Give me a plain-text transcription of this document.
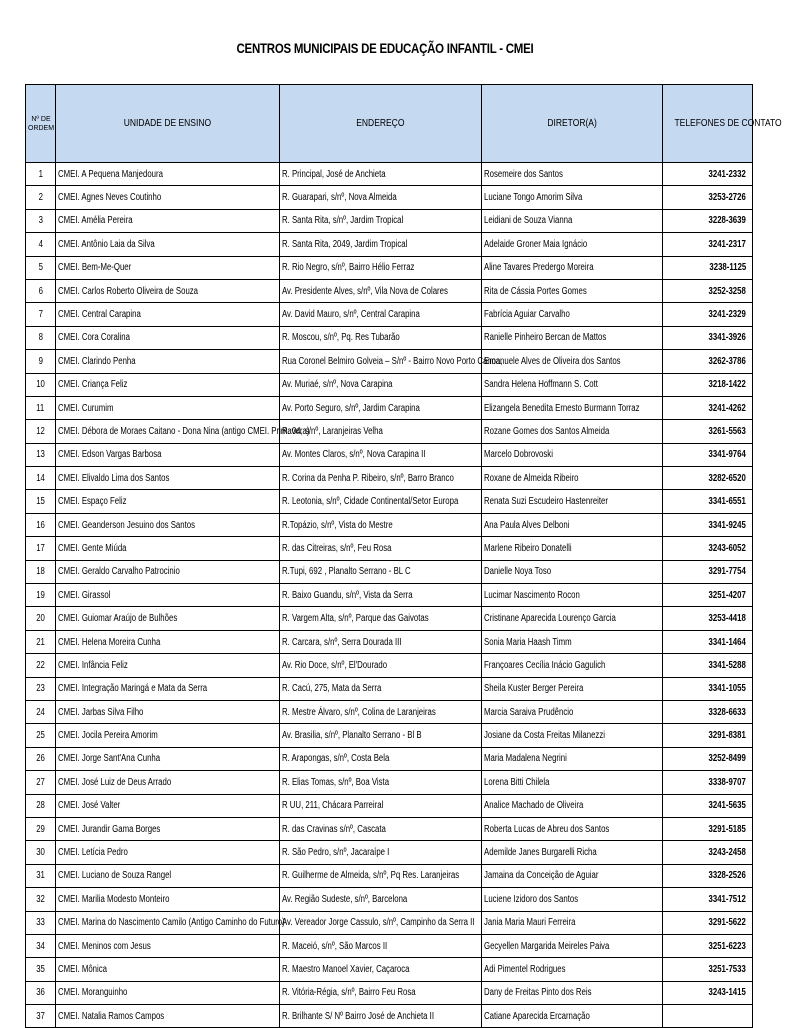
CENTROS MUNICIPAIS DE EDUCAÇÃO INFANTIL - CMEI
Nº DE ORDEM	UNIDADE DE ENSINO	ENDEREÇO	DIRETOR(A)	TELEFONES DE CONTATO
1	CMEI. A Pequena Manjedoura	R. Principal, José de Anchieta	Rosemeire dos Santos	3241-2332
2	CMEI. Agnes Neves Coutinho	R. Guarapari, s/nº, Nova Almeida	Luciane Tongo Amorim Silva	3253-2726
3	CMEI. Amélia Pereira	R. Santa Rita, s/nº, Jardim Tropical	Leidiani de Souza Vianna	3228-3639
4	CMEI. Antônio Laia da Silva	R. Santa Rita, 2049, Jardim Tropical	Adelaide Groner Maia Ignácio	3241-2317
5	CMEI. Bem-Me-Quer	R. Rio Negro, s/nº, Bairro Hélio Ferraz	Aline Tavares Predergo Moreira	3238-1125
6	CMEI. Carlos Roberto Oliveira de Souza	Av. Presidente Alves, s/nº, Vila Nova de Colares	Rita de Cássia Portes Gomes	3252-3258
7	CMEI. Central Carapina	Av. David Mauro, s/nº, Central Carapina	Fabrícia Aguiar Carvalho	3241-2329
8	CMEI. Cora Coralina	R. Moscou, s/nº, Pq. Res Tubarão	Ranielle Pinheiro Bercan de Mattos	3341-3926
9	CMEI. Clarindo Penha	Rua Coronel Belmiro Golveia – S/nº - Bairro Novo Porto Canoa,	Emanuele Alves de Oliveira dos Santos	3262-3786
10	CMEI. Criança Feliz	Av. Muriaé, s/nº, Nova Carapina	Sandra Helena Hoffmann S. Cott	3218-1422
11	CMEI. Curumim	Av. Porto Seguro, s/nº, Jardim Carapina	Elizangela Benedita Ernesto Burmann Torraz	3241-4262
12	CMEI. Débora de Moraes Caitano - Dona Nina (antigo CMEI. Primavera)	R. 04, s/nº, Laranjeiras Velha	Rozane Gomes dos Santos Almeida	3261-5563
13	CMEI. Edson Vargas Barbosa	Av. Montes Claros, s/nº, Nova Carapina II	Marcelo Dobrovoski	3341-9764
14	CMEI. Elivaldo Lima dos Santos	R. Corina da Penha P. Ribeiro, s/nº, Barro Branco	Roxane de Almeida Ribeiro	3282-6520
15	CMEI. Espaço Feliz	R. Leotonia, s/nº, Cidade Continental/Setor Europa	Renata Suzi Escudeiro Hastenreiter	3341-6551
16	CMEI. Geanderson Jesuino dos Santos	R.Topázio, s/nº, Vista do Mestre	Ana Paula Alves Delboni	3341-9245
17	CMEI. Gente Miúda	R. das Citreiras, s/nº, Feu Rosa	Marlene Ribeiro Donatelli	3243-6052
18	CMEI. Geraldo Carvalho Patrocinio	R.Tupi, 692 , Planalto Serrano - BL C	Danielle Noya Toso	3291-7754
19	CMEI. Girassol	R. Baixo Guandu, s/nº, Vista da Serra	Lucimar Nascimento Rocon	3251-4207
20	CMEI. Guiomar Araújo de Bulhões	R. Vargem Alta, s/nº, Parque das Gaivotas	Cristinane Aparecida Lourenço Garcia	3253-4418
21	CMEI. Helena Moreira Cunha	R. Carcara, s/nº, Serra Dourada III	Sonia Maria Haash Timm	3341-1464
22	CMEI. Infância Feliz	Av. Rio Doce, s/nº, El'Dourado	Françoares Cecília Inácio Gagulich	3341-5288
23	CMEI. Integração Maringá e Mata da Serra	R. Cacú, 275, Mata da Serra	Sheila Kuster Berger Pereira	3341-1055
24	CMEI. Jarbas Silva Filho	R. Mestre Álvaro, s/nº, Colina de Laranjeiras	Marcia Saraiva Prudêncio	3328-6633
25	CMEI. Jocila Pereira Amorim	Av. Brasilia, s/nº, Planalto Serrano - Bl B	Josiane da Costa Freitas Milanezzi	3291-8381
26	CMEI. Jorge Sant'Ana Cunha	R. Arapongas, s/nº, Costa Bela	Maria Madalena Negrini	3252-8499
27	CMEI. José Luiz de Deus Arrado	R. Elias Tomas, s/nº, Boa Vista	Lorena Bitti Chilela	3338-9707
28	CMEI. José Valter	R UU, 211, Chácara Parreiral	Analice Machado de Oliveira	3241-5635
29	CMEI. Jurandir Gama Borges	R. das Cravinas s/nº, Cascata	Roberta Lucas de Abreu dos Santos	3291-5185
30	CMEI. Letícia Pedro	R. São Pedro, s/nº, Jacaraípe I	Ademilde Janes Burgarelli Richa	3243-2458
31	CMEI. Luciano de Souza Rangel	R. Guilherme de Almeida, s/nº, Pq Res. Laranjeiras	Jamaina da Conceição de Aguiar	3328-2526
32	CMEI. Marilia Modesto Monteiro	Av. Região Sudeste, s/nº, Barcelona	Luciene Izidoro dos Santos	3341-7512
33	CMEI. Marina do Nascimento Camilo (Antigo Caminho do Futuro)	Av. Vereador Jorge Cassulo, s/nº, Campinho da Serra II	Jania Maria Mauri Ferreira	3291-5622
34	CMEI. Meninos com Jesus	R. Maceió, s/nº, São Marcos II	Gecyellen Margarida Meireles Paiva	3251-6223
35	CMEI. Mônica	R. Maestro Manoel Xavier, Caçaroca	Adi Pimentel Rodrigues	3251-7533
36	CMEI. Moranguinho	R. Vitória-Régia, s/nº, Bairro Feu Rosa	Dany de Freitas Pinto dos Reis	3243-1415
37	CMEI. Natalia Ramos Campos	R. Brilhante S/ Nº Bairro José de Anchieta II	Catiane Aparecida Ercarnação	
